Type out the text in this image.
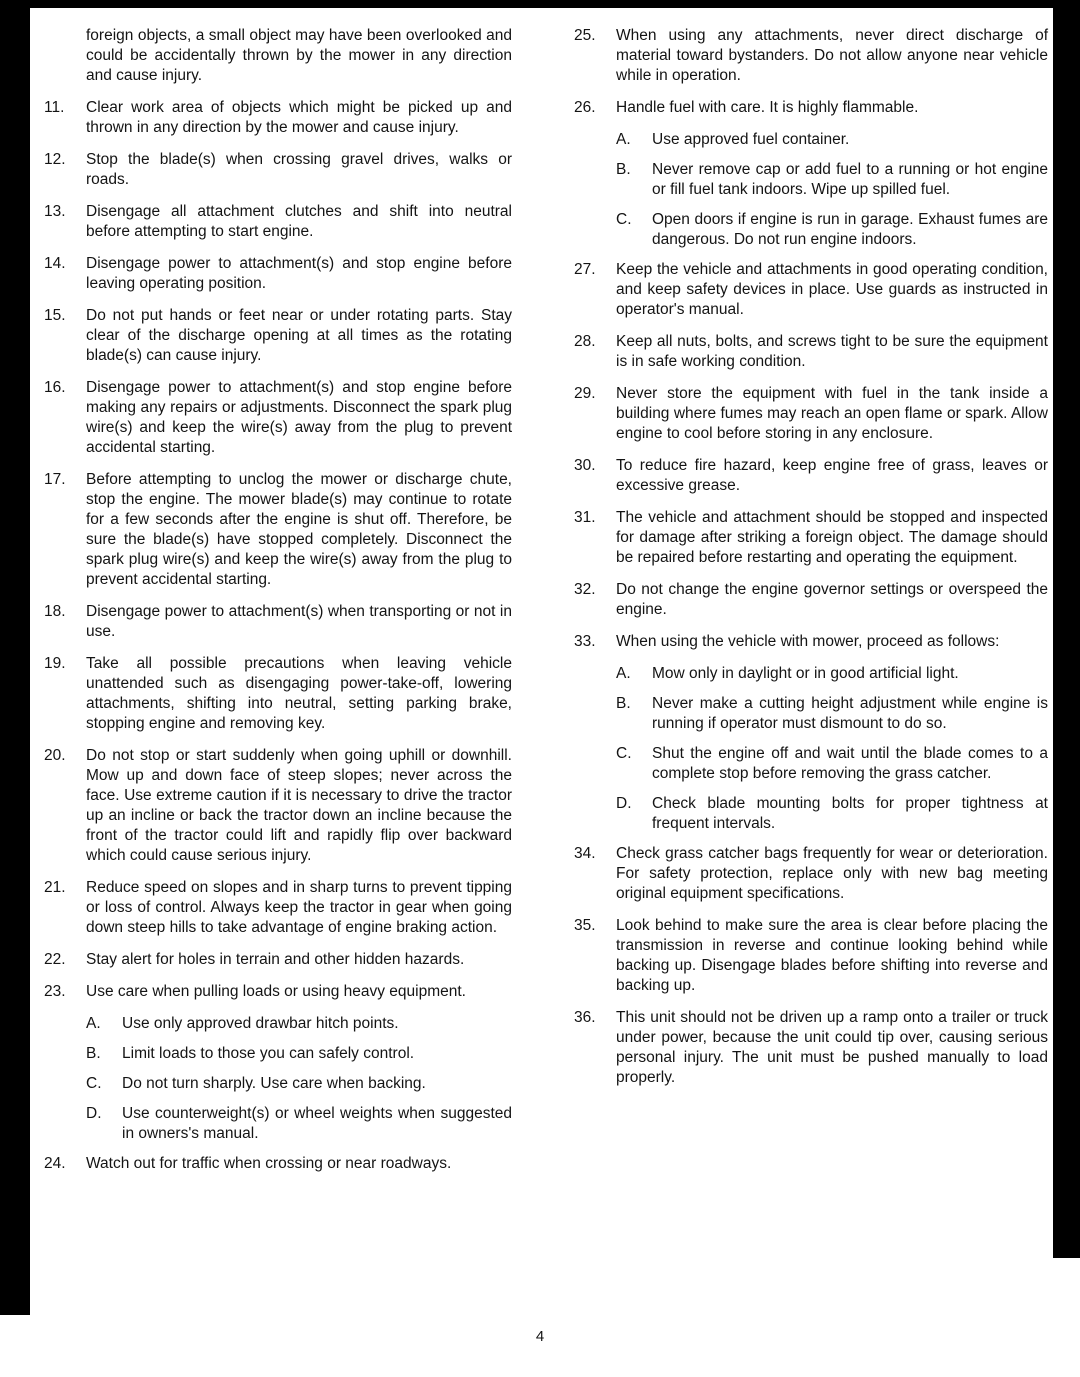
foreign objects, a small object may have been overlooked and could be accidentally thrown by the mower in any direction and cause injury.

11.	Clear work area of objects which might be picked up and thrown in any direction by the mower and cause injury.

12.	Stop the blade(s) when crossing gravel drives, walks or roads.

13.	Disengage all attachment clutches and shift into neutral before attempting to start engine.

14.	Disengage power to attachment(s) and stop engine before leaving operating position.

15.	Do not put hands or feet near or under rotating parts. Stay clear of the discharge opening at all times as the rotating blade(s) can cause injury.

16.	Disengage power to attachment(s) and stop engine before making any repairs or adjustments. Disconnect the spark plug wire(s) and keep the wire(s) away from the plug to prevent accidental starting.

17.	Before attempting to unclog the mower or discharge chute, stop the engine. The mower blade(s) may continue to rotate for a few seconds after the engine is shut off. Therefore, be sure the blade(s) have stopped completely. Disconnect the spark plug wire(s) and keep the wire(s) away from the plug to prevent accidental starting.

18.	Disengage power to attachment(s) when transporting or not in use.

19.	Take all possible precautions when leaving vehicle unattended such as disengaging power-take-off, lowering attachments, shifting into neutral, setting parking brake, stopping engine and removing key.

20.	Do not stop or start suddenly when going uphill or downhill. Mow up and down face of steep slopes; never across the face. Use extreme caution if it is necessary to drive the tractor up an incline or back the tractor down an incline because the front of the tractor could lift and rapidly flip over backward which could cause serious injury.

21.	Reduce speed on slopes and in sharp turns to prevent tipping or loss of control. Always keep the tractor in gear when going down steep hills to take advantage of engine braking action.

22.	Stay alert for holes in terrain and other hidden hazards.

23.	Use care when pulling loads or using heavy equipment.

A.	Use only approved drawbar hitch points.

B.	Limit loads to those you can safely control.

C.	Do not turn sharply. Use care when backing.

D.	Use counterweight(s) or wheel weights when suggested in owners's manual.

24.	Watch out for traffic when crossing or near roadways.

25.	When using any attachments, never direct discharge of material toward bystanders. Do not allow anyone near vehicle while in operation.

26.	Handle fuel with care. It is highly flammable.

A.	Use approved fuel container.

B.	Never remove cap or add fuel to a running or hot engine or fill fuel tank indoors. Wipe up spilled fuel.

C.	Open doors if engine is run in garage. Exhaust fumes are dangerous. Do not run engine indoors.

27.	Keep the vehicle and attachments in good operating condition, and keep safety devices in place. Use guards as instructed in operator's manual.

28.	Keep all nuts, bolts, and screws tight to be sure the equipment is in safe working condition.

29.	Never store the equipment with fuel in the tank inside a building where fumes may reach an open flame or spark. Allow engine to cool before storing in any enclosure.

30.	To reduce fire hazard, keep engine free of grass, leaves or excessive grease.

31.	The vehicle and attachment should be stopped and inspected for damage after striking a foreign object. The damage should be repaired before restarting and operating the equipment.

32.	Do not change the engine governor settings or overspeed the engine.

33.	When using the vehicle with mower, proceed as follows:

A.	Mow only in daylight or in good artificial light.

B.	Never make a cutting height adjustment while engine is running if operator must dismount to do so.

C.	Shut the engine off and wait until the blade comes to a complete stop before removing the grass catcher.

D.	Check blade mounting bolts for proper tightness at frequent intervals.

34.	Check grass catcher bags frequently for wear or deterioration. For safety protection, replace only with new bag meeting original equipment specifications.

35.	Look behind to make sure the area is clear before placing the transmission in reverse and continue looking behind while backing up. Disengage blades before shifting into reverse and backing up.

36.	This unit should not be driven up a ramp onto a trailer or truck under power, because the unit could tip over, causing serious personal injury. The unit must be pushed manually to load properly.

4
